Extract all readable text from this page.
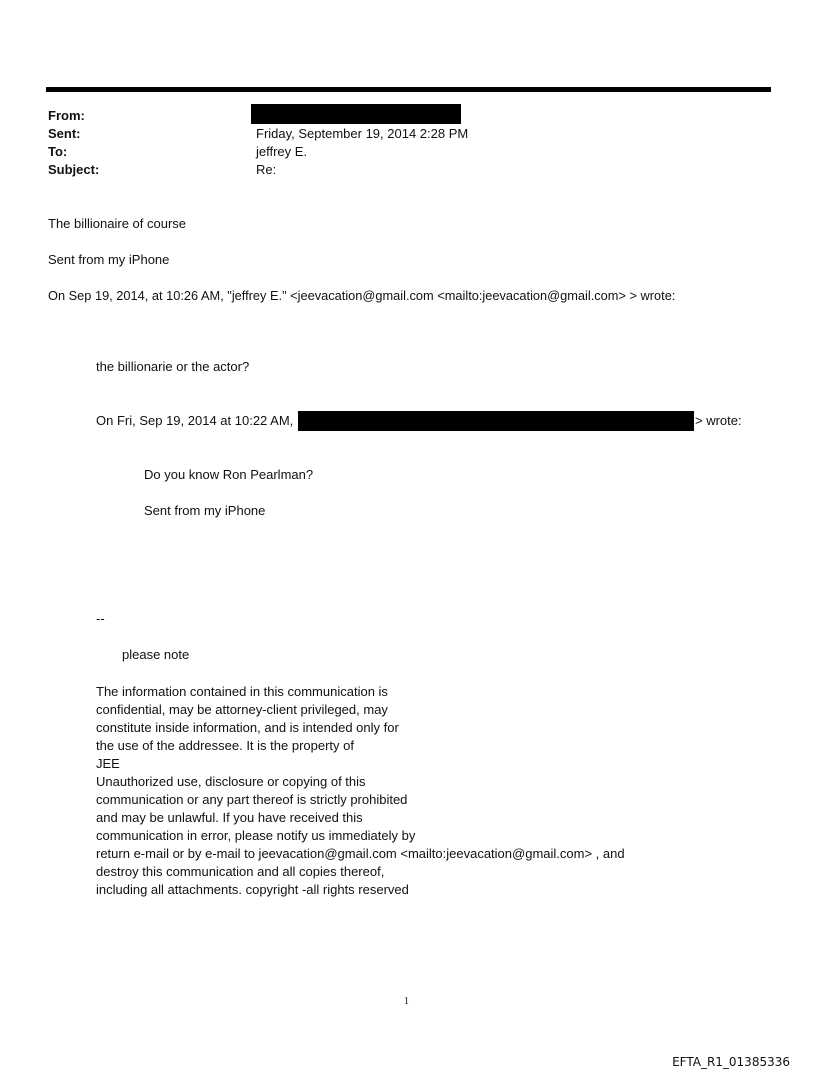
From:
Sent:	Friday, September 19, 2014 2:28 PM
To:	jeffrey E.
Subject:	Re:
The billionaire of course
Sent from my iPhone
On Sep 19, 2014, at 10:26 AM, "jeffrey E." <jeevacation@gmail.com <mailto:jeevacation@gmail.com> > wrote:
the billionarie or the actor?
On Fri, Sep 19, 2014 at 10:22 AM,	> wrote:
Do you know Ron Pearlman?
Sent from my iPhone
--
please note
The information contained in this communication is
confidential, may be attorney-client privileged, may
constitute inside information, and is intended only for
the use of the addressee. It is the property of
JEE
Unauthorized use, disclosure or copying of this
communication or any part thereof is strictly prohibited
and may be unlawful. If you have received this
communication in error, please notify us immediately by
return e-mail or by e-mail to jeevacation@gmail.com <mailto:jeevacation@gmail.com> , and
destroy this communication and all copies thereof,
including all attachments. copyright -all rights reserved
1
EFTA_R1_01385336
